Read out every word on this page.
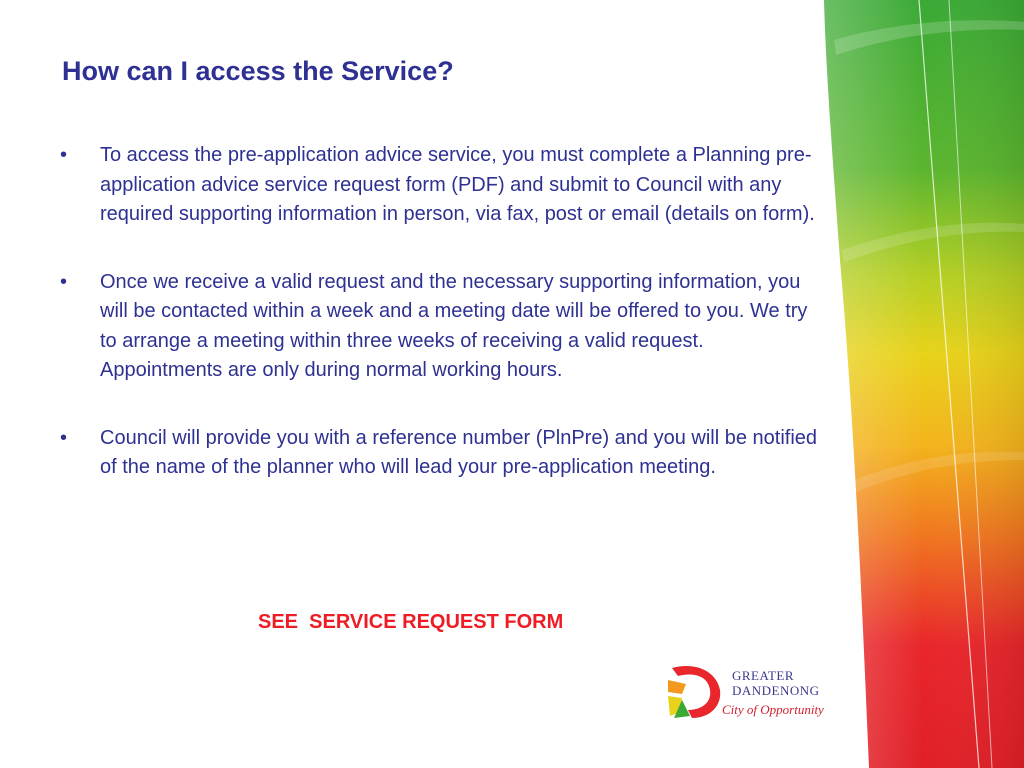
How can I access the Service?
•	To access the pre-application advice service, you must complete a Planning pre-application advice service request form (PDF) and submit to Council with any required supporting information in person, via fax, post or email (details on form).
•	Once we receive a valid request and the necessary supporting information, you will be contacted within a week and a meeting date will be offered to you. We try to arrange a meeting within three weeks of receiving a valid request. Appointments are only during normal working hours.
•	Council will provide you with a reference number (PlnPre) and you will be notified of the name of the planner who will lead your pre-application meeting.

SEE  SERVICE REQUEST FORM

GREATER
DANDENONG
City of Opportunity
